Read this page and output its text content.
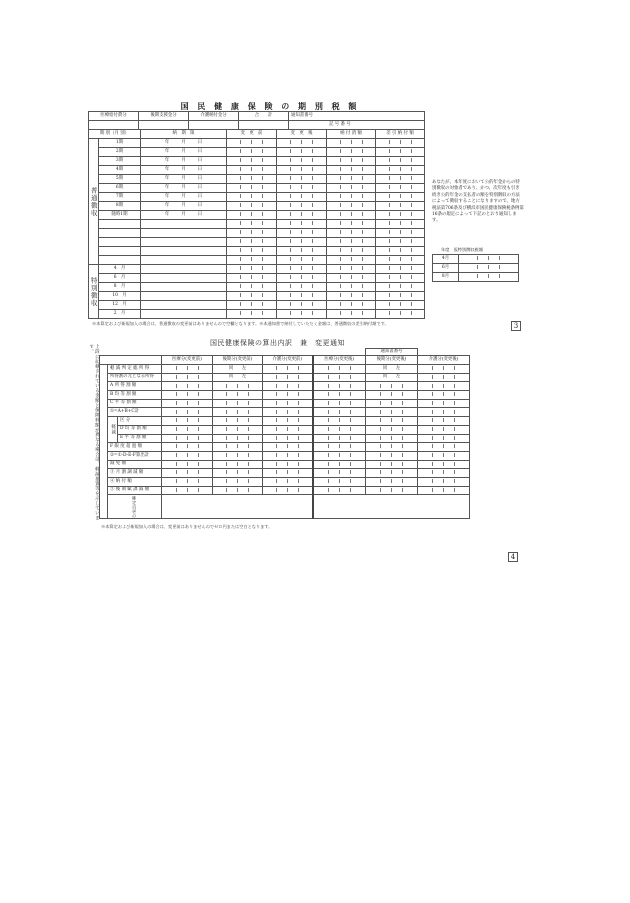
国 民 健 康 保 険 の 期 別 税 額
医療給付費分	後期支援金分	介護納付金分	合　　計	通知書番号
				記 号 番 号
期 別（月 別）		納　期　限	変　更　前	変　更　後	納 付 済 額	差 引 納 付 額
普通徴収	1期	年 月 日				
	2期	年 月 日				
	3期	年 月 日				
	4期	年 月 日				
	5期	年 月 日				
	6期	年 月 日				
	7期	年 月 日				
	8期	年 月 日				
	随時1期	年 月 日				

特別徴収	4　月					
	6　月					
	8　月					
	10　月					
	12　月					
	2　月					
あなたが、本年度において公的年金からの特別徴収の対象者であり、かつ、次年度も引き続き公的年金の支払者の額を特別徴収の方法によって徴収することになりますので、地方税法第706条及び横浜市国民健康保険税条例第16条の規定によって下記のとおり通知します。
年度　仮特別徴収税額
4月	
6月	
8月	
※本算定および新規加入の場合は、普通徴収の変更前はありませんので空欄となります。※本通知書で納付していただく金額は、普通徴収の差引納付額です。	3
上段に記載されている金額と保険料額が異なる場合は、軽減措置等を示しています。
国民健康保険の算出内訳　兼　変更通知
							通知書番号	
			医療分(変更前)	後期分(変更前)	介護分(変更前)	医療分(変更後)	後期分(変更後)	介護分(変更後)
	軽 減 判 定 総 所 得			同　　左			同　　左	
	所得割の元となる所得			同　　左			同　　左	
	A 所 得 割 額							
	B 均 等 割 額							
	C 平 等 割 額							
	①=A+B+C計							
	軽減	区 分						
		D 均 等 割 額						
		E 平 等 割 額						
	F 限 度 超 過 額							
	②=①-D-E-F算出計							
	減 免 額							
	③ 月 割 調 減 額							
	④ 納 付 額							
	⑤ 後 期 賦 課 減 額							
	確定自更の							
※本算定および新規加入の場合は、変更前はありませんのでゼロ円または空白となります。
4
